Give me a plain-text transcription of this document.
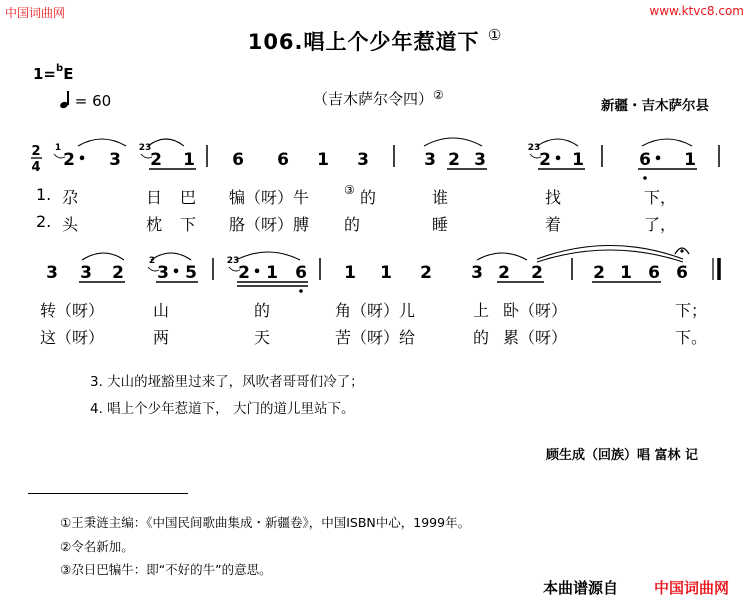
中国词曲网	www.ktvc8.com
106.唱上个少年惹道下 ①
1=$^b$E
= 60	（吉木萨尔令四）②
新疆・吉木萨尔县
2
4 2 •
1
3 2
23
1 6 6 1 3	3 2 3	2 •
23
1	6 • 1
3 3 2 3 •
2
5 2 •
23
1 6 1 1 2 3 2 2	2 1 6 6
1. 尕	日 巴 犏（呀）牛	③ 的	谁	找	下，
2. 头	枕 下 胳（呀）膊 的	睡	着	了，
转（呀）	山	的	角（呀）儿	上 卧（呀）	下；
这（呀）	两	天	苦（呀）给	的 累（呀）	下。
3. 大山的垭豁里过来了，风吹者哥哥们冷了；
4. 唱上个少年惹道下， 大门的道儿里站下。
顾生成（回族）唱 富林 记
①王秉涟主编：《中国民间歌曲集成・新疆卷》，中国ISBN中心，1999年。
②令名新加。
③尕日巴犏牛：即“不好的牛”的意思。
本曲谱源自 中国词曲网
